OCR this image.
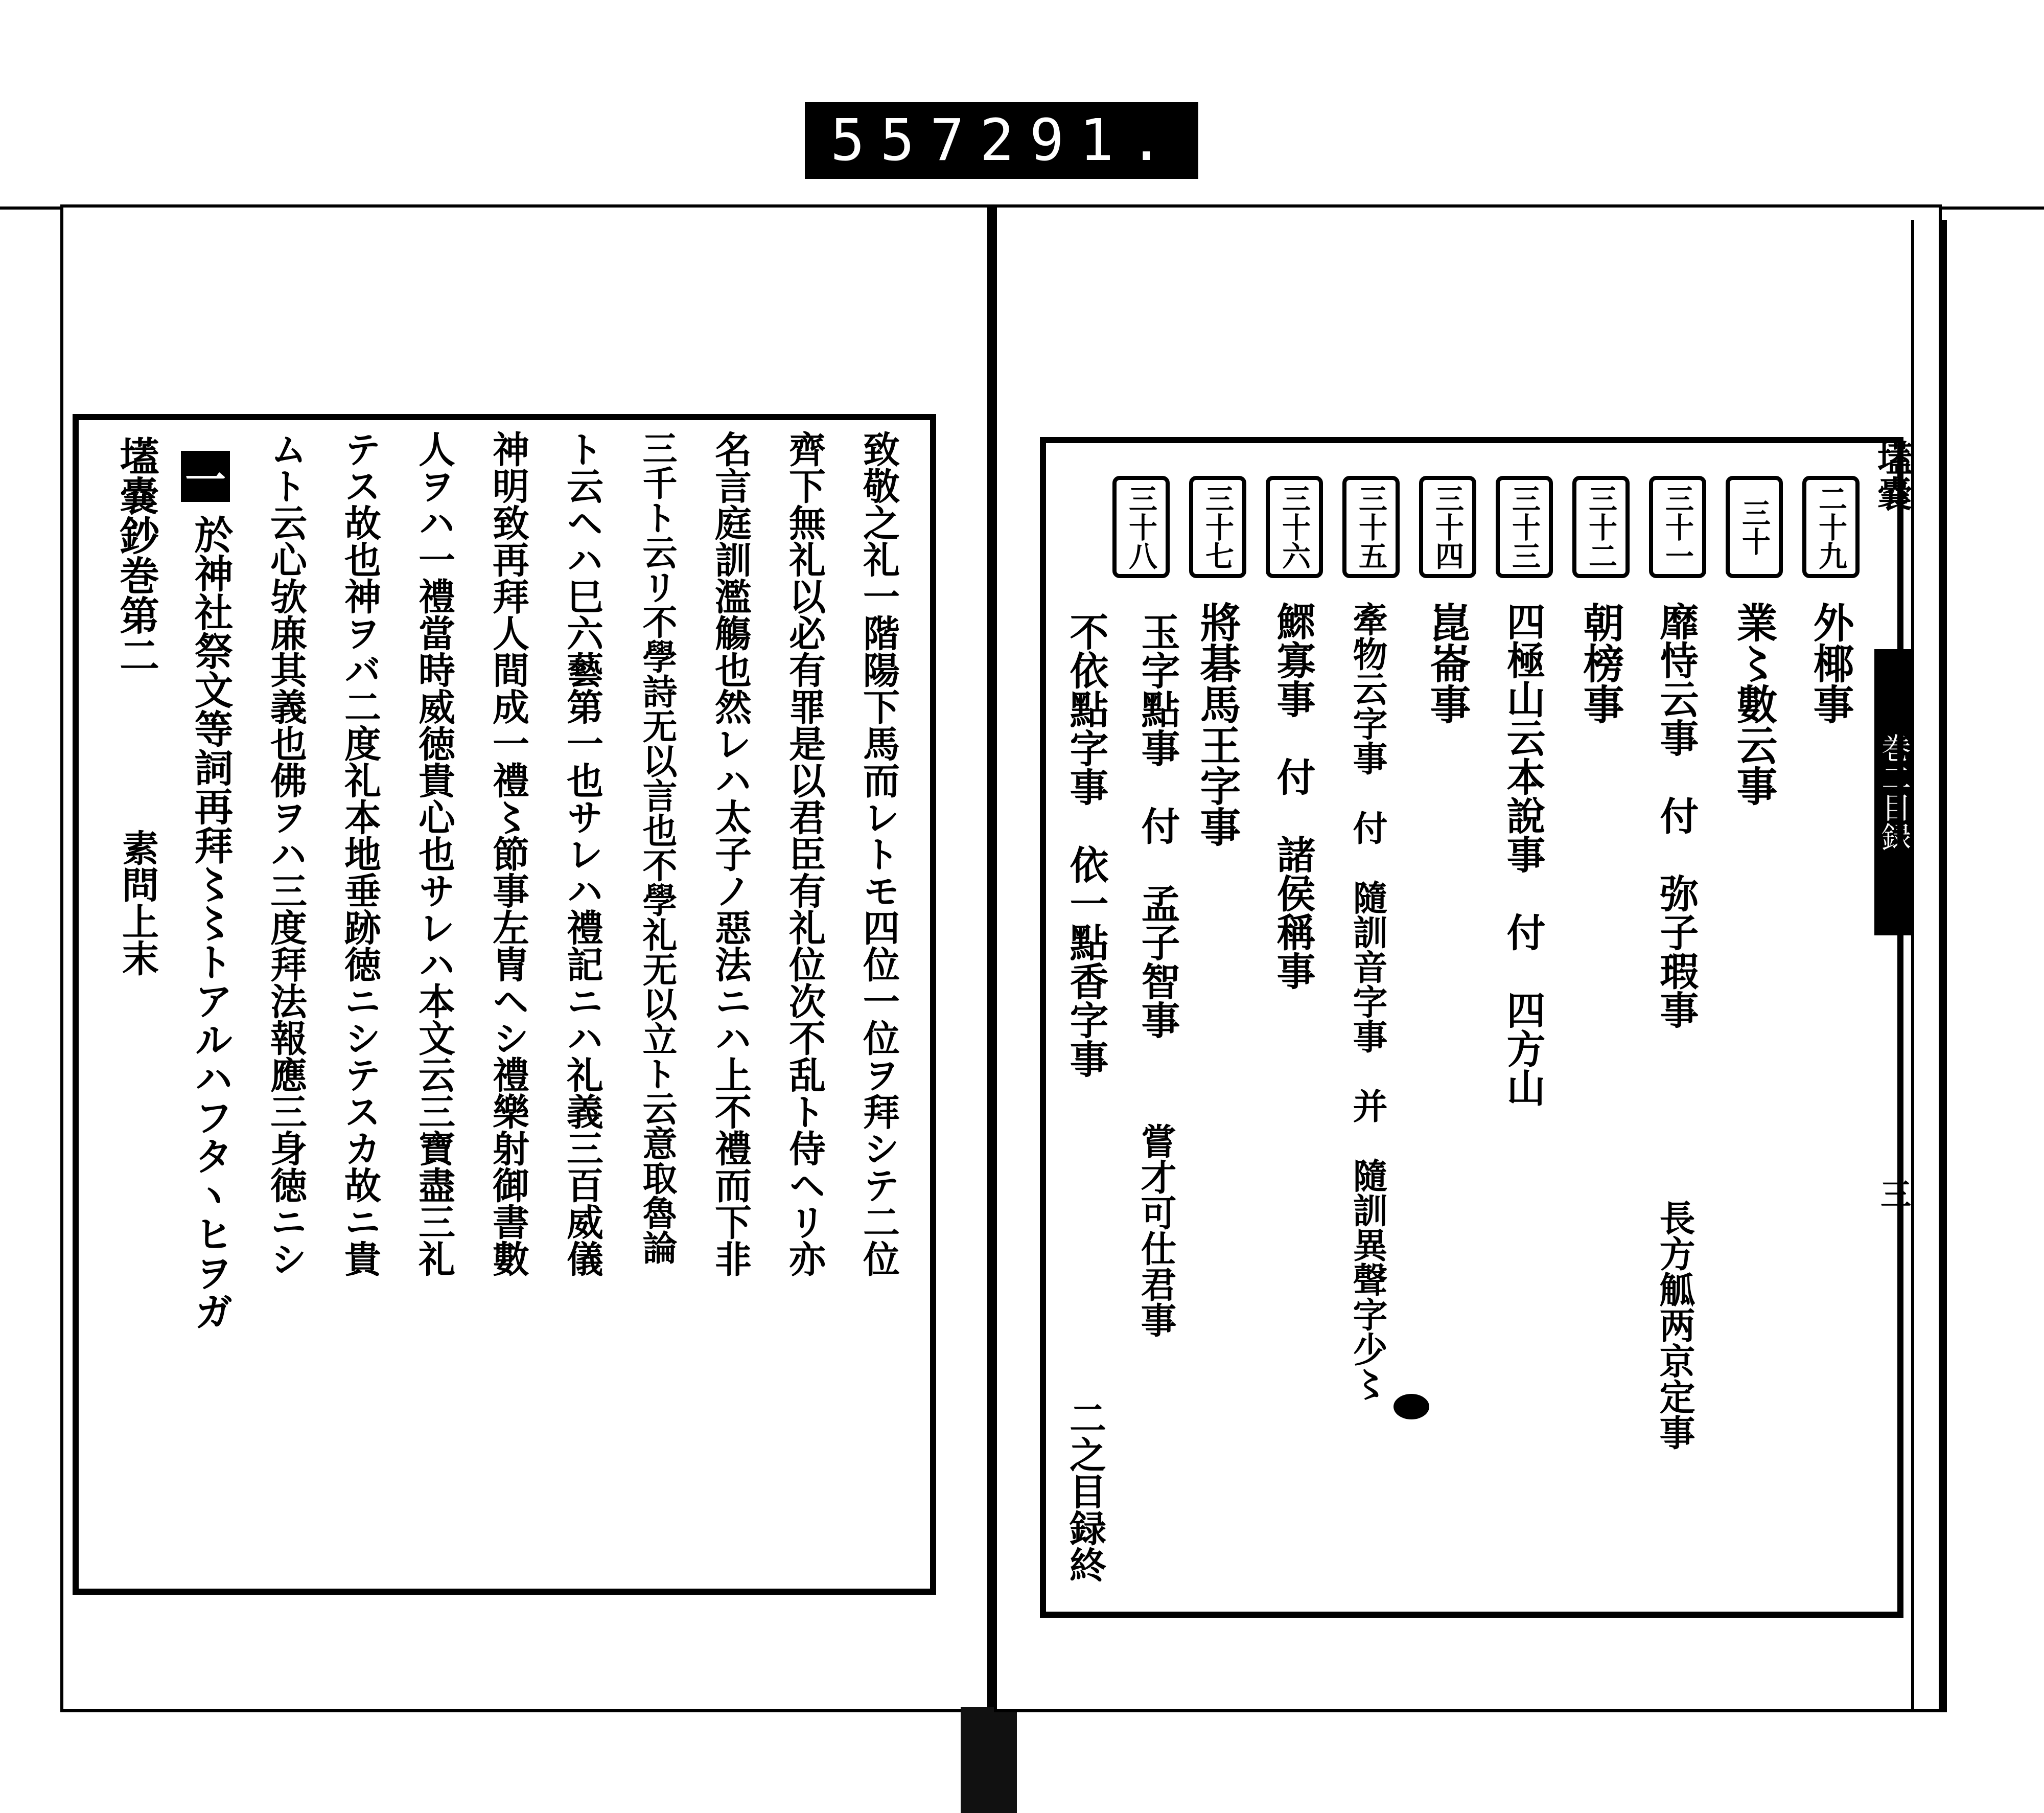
557 291.
壒嚢鈔巻第二
素問上末
一
於神社祭文等詞再拜〻〻トアルハフタヽヒヲガ ムト云心欤𢈘其義也佛ヲハ三度拜法報應三身徳ニシ テス故也神ヲバ二度礼本地垂跡徳ニシテスカ故ニ貴 人ヲハ一禮當時威徳貴心也サレハ本文云三寶盡三礼 神明致再拜人間成一禮〻節事左冑ヘシ禮樂射御書數 ト云ヘハ巳六藝第一也サレハ禮記ニハ礼義三百威儀 三千ト云リ不學詩无以言也不學礼无以立ト云意取魯論 名言庭訓濫觴也然レハ太子ノ惡法ニハ上不禮而下非 齊下無礼以必有罪是以君臣有礼位次不乱ト侍ヘリ亦 致敬之礼一階陽下馬而レトモ四位一位ヲ拜シテ二位	壒嚢
巻二目録
三
二十九
三十
三十一
三十二
三十三
三十四
三十五
三十六
三十七
三十八
外椰事
業〻數云事
靡恃云事　付　弥子瑕事
長方觚两京定事
朝榜事
四極山云本說事　付　四方山
崑崙事
牽物云字事　付　隨訓音字事　并　隨訓異聲字少〻
鰥寡事　付　諸侯稱事
將碁馬王字事
玉字點事　付　孟子智事
嘗才可仕君事
不依點字事　依一點香字事
二之目録終
